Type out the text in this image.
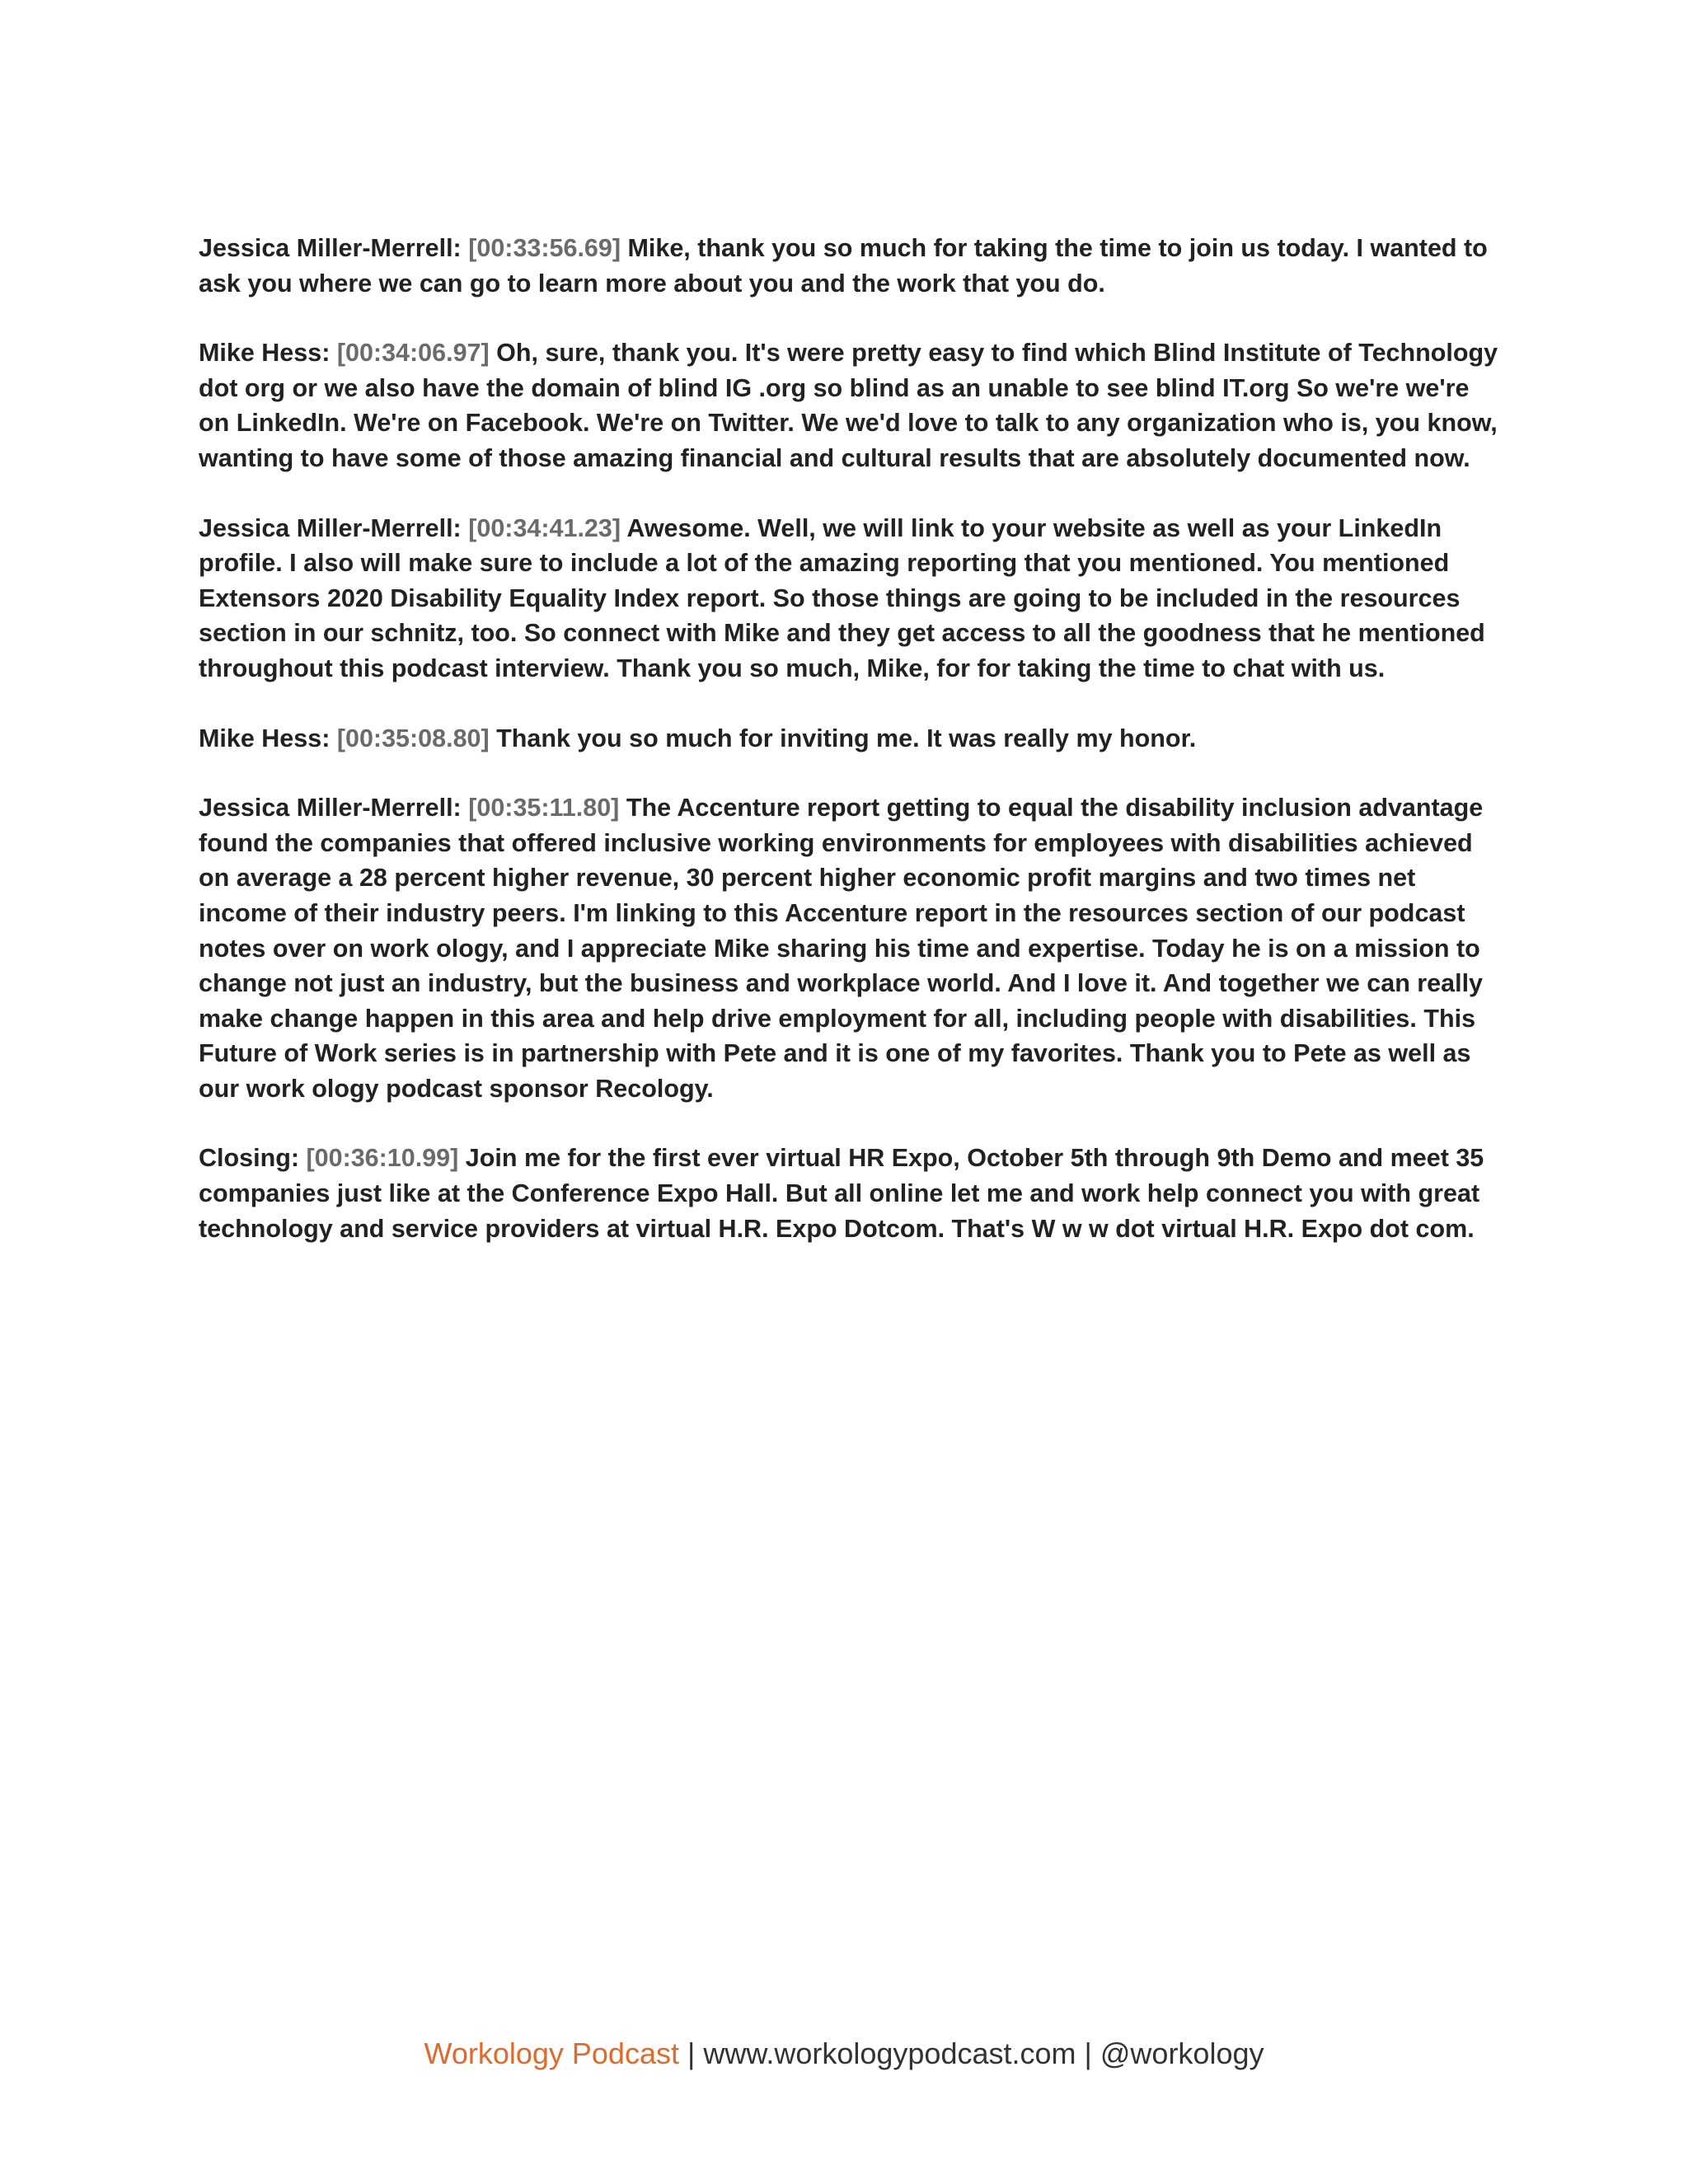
Jessica Miller-Merrell: [00:33:56.69] Mike, thank you so much for taking the time to join us today. I wanted to ask you where we can go to learn more about you and the work that you do.

Mike Hess: [00:34:06.97] Oh, sure, thank you. It's were pretty easy to find which Blind Institute of Technology dot org or we also have the domain of blind IG .org so blind as an unable to see blind IT.org So we're we're on LinkedIn. We're on Facebook. We're on Twitter. We we'd love to talk to any organization who is, you know, wanting to have some of those amazing financial and cultural results that are absolutely documented now.

Jessica Miller-Merrell: [00:34:41.23] Awesome. Well, we will link to your website as well as your LinkedIn profile. I also will make sure to include a lot of the amazing reporting that you mentioned. You mentioned Extensors 2020 Disability Equality Index report. So those things are going to be included in the resources section in our schnitz, too. So connect with Mike and they get access to all the goodness that he mentioned throughout this podcast interview. Thank you so much, Mike, for for taking the time to chat with us.

Mike Hess: [00:35:08.80] Thank you so much for inviting me. It was really my honor.

Jessica Miller-Merrell: [00:35:11.80] The Accenture report getting to equal the disability inclusion advantage found the companies that offered inclusive working environments for employees with disabilities achieved on average a 28 percent higher revenue, 30 percent higher economic profit margins and two times net income of their industry peers. I'm linking to this Accenture report in the resources section of our podcast notes over on work ology, and I appreciate Mike sharing his time and expertise. Today he is on a mission to change not just an industry, but the business and workplace world. And I love it. And together we can really make change happen in this area and help drive employment for all, including people with disabilities. This Future of Work series is in partnership with Pete and it is one of my favorites. Thank you to Pete as well as our work ology podcast sponsor Recology.

Closing: [00:36:10.99] Join me for the first ever virtual HR Expo, October 5th through 9th Demo and meet 35 companies just like at the Conference Expo Hall. But all online let me and work help connect you with great technology and service providers at virtual H.R. Expo Dotcom. That's W w w dot virtual H.R. Expo dot com.

Workology Podcast | www.workologypodcast.com | @workology
